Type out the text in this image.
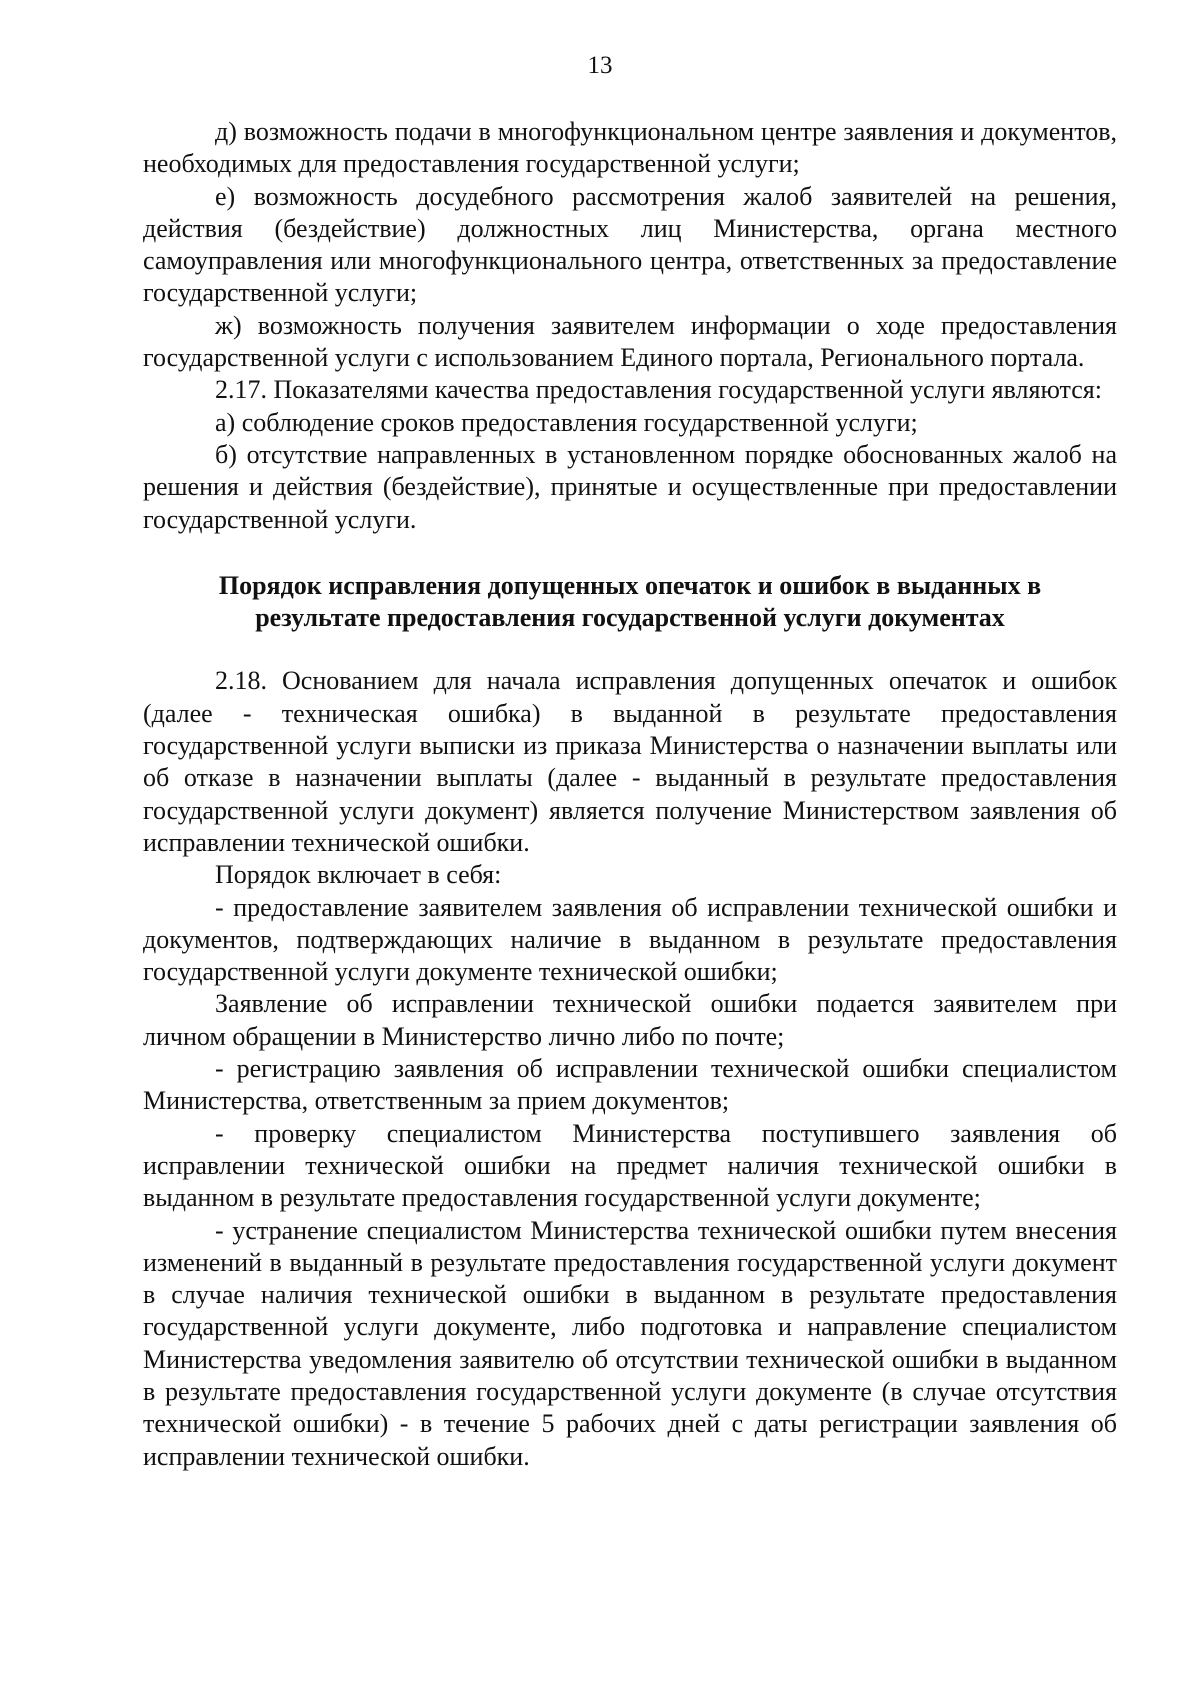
13

д) возможность подачи в многофункциональном центре заявления и документов, необходимых для предоставления государственной услуги;

е) возможность досудебного рассмотрения жалоб заявителей на решения, действия (бездействие) должностных лиц Министерства, органа местного самоуправления или многофункционального центра, ответственных за предоставление государственной услуги;

ж) возможность получения заявителем информации о ходе предоставления государственной услуги с использованием Единого портала, Регионального портала.

2.17. Показателями качества предоставления государственной услуги являются:

а) соблюдение сроков предоставления государственной услуги;

б) отсутствие направленных в установленном порядке обоснованных жалоб на решения и действия (бездействие), принятые и осуществленные при предоставлении государственной услуги.

Порядок исправления допущенных опечаток и ошибок в выданных в результате предоставления государственной услуги документах

2.18. Основанием для начала исправления допущенных опечаток и ошибок (далее - техническая ошибка) в выданной в результате предоставления государственной услуги выписки из приказа Министерства о назначении выплаты или об отказе в назначении выплаты (далее - выданный в результате предоставления государственной услуги документ) является получение Министерством заявления об исправлении технической ошибки.

Порядок включает в себя:

- предоставление заявителем заявления об исправлении технической ошибки и документов, подтверждающих наличие в выданном в результате предоставления государственной услуги документе технической ошибки;

Заявление об исправлении технической ошибки подается заявителем при личном обращении в Министерство лично либо по почте;

- регистрацию заявления об исправлении технической ошибки специалистом Министерства, ответственным за прием документов;

- проверку специалистом Министерства поступившего заявления об исправлении технической ошибки на предмет наличия технической ошибки в выданном в результате предоставления государственной услуги документе;

- устранение специалистом Министерства технической ошибки путем внесения изменений в выданный в результате предоставления государственной услуги документ в случае наличия технической ошибки в выданном в результате предоставления государственной услуги документе, либо подготовка и направление специалистом Министерства уведомления заявителю об отсутствии технической ошибки в выданном в результате предоставления государственной услуги документе (в случае отсутствия технической ошибки) - в течение 5 рабочих дней с даты регистрации заявления об исправлении технической ошибки.
